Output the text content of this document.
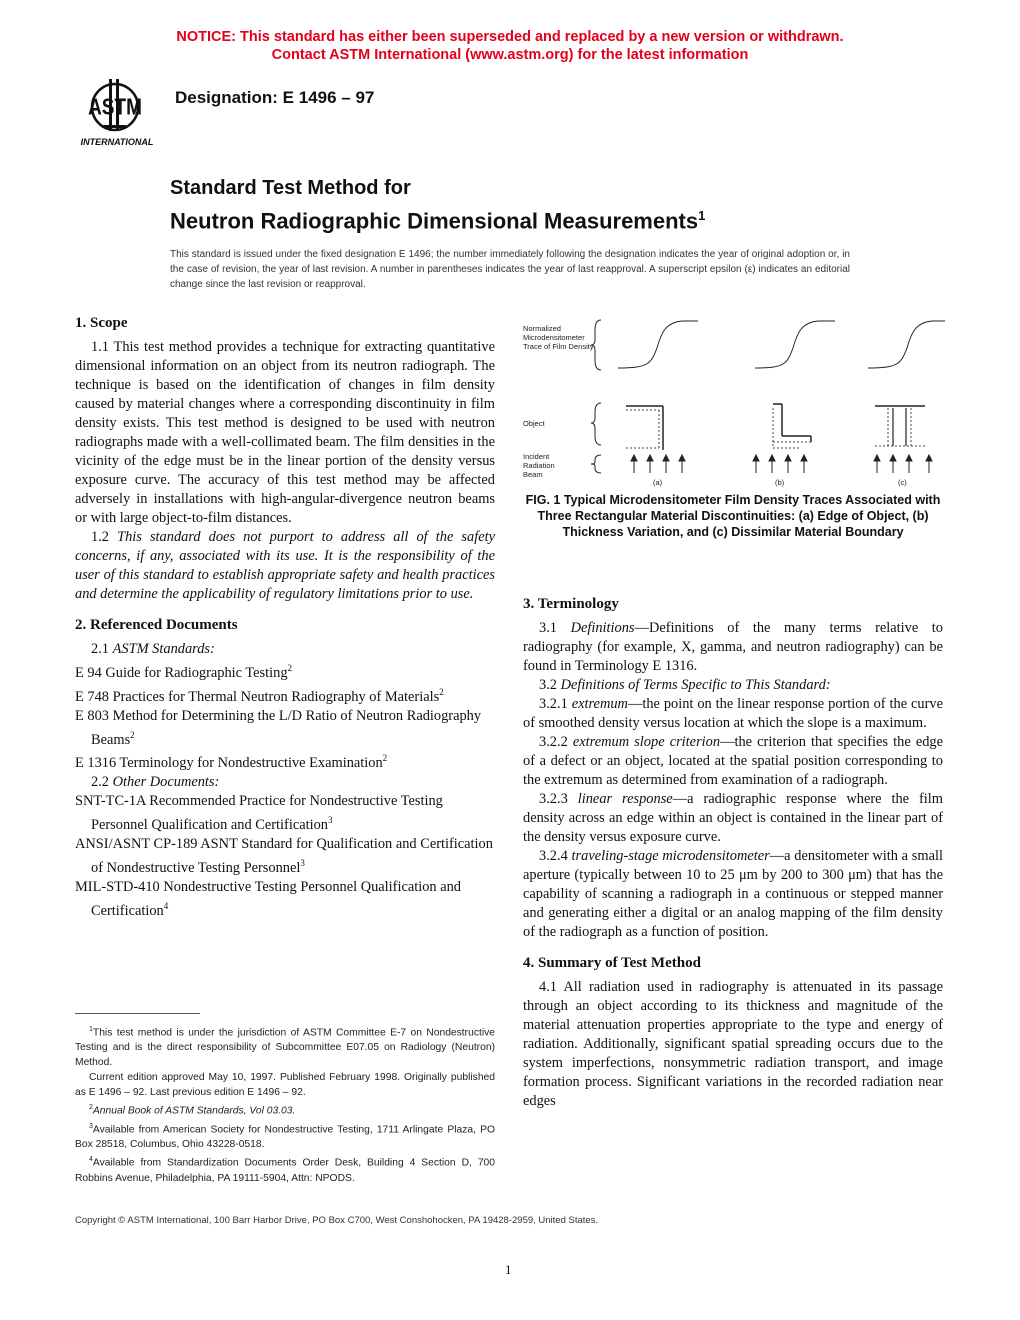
NOTICE: This standard has either been superseded and replaced by a new version or withdrawn.
Contact ASTM International (www.astm.org) for the latest information
ASTM
INTERNATIONAL
Designation: E 1496 – 97
Standard Test Method for
Neutron Radiographic Dimensional Measurements$^1$
This standard is issued under the fixed designation E 1496; the number immediately following the designation indicates the year of original adoption or, in the case of revision, the year of last revision. A number in parentheses indicates the year of last reapproval. A superscript epsilon (ε) indicates an editorial change since the last revision or reapproval.
1. Scope

1.1 This test method provides a technique for extracting quantitative dimensional information on an object from its neutron radiograph. The technique is based on the identification of changes in film density caused by material changes where a corresponding discontinuity in film density exists. This test method is designed to be used with neutron radiographs made with a well-collimated beam. The film densities in the vicinity of the edge must be in the linear portion of the density versus exposure curve. The accuracy of this test method may be affected adversely in installations with high-angular-divergence neutron beams or with large object-to-film distances.

1.2 This standard does not purport to address all of the safety concerns, if any, associated with its use. It is the responsibility of the user of this standard to establish appropriate safety and health practices and determine the applicability of regulatory limitations prior to use.

2. Referenced Documents

2.1 ASTM Standards:

E 94 Guide for Radiographic Testing$^2$

E 748 Practices for Thermal Neutron Radiography of Materials$^2$

E 803 Method for Determining the L/D Ratio of Neutron Radiography Beams$^2$

E 1316 Terminology for Nondestructive Examination$^2$

2.2 Other Documents:

SNT-TC-1A Recommended Practice for Nondestructive Testing Personnel Qualification and Certification$^3$

ANSI/ASNT CP-189 ASNT Standard for Qualification and Certification of Nondestructive Testing Personnel$^3$

MIL-STD-410 Nondestructive Testing Personnel Qualification and Certification$^4$

$^1$This test method is under the jurisdiction of ASTM Committee E-7 on Nondestructive Testing and is the direct responsibility of Subcommittee E07.05 on Radiology (Neutron) Method.

Current edition approved May 10, 1997. Published February 1998. Originally published as E 1496 – 92. Last previous edition E 1496 – 92.

$^2$Annual Book of ASTM Standards, Vol 03.03.

$^3$Available from American Society for Nondestructive Testing, 1711 Arlingate Plaza, PO Box 28518, Columbus, Ohio 43228-0518.

$^4$Available from Standardization Documents Order Desk, Building 4 Section D, 700 Robbins Avenue, Philadelphia, PA 19111-5904, Attn: NPODS.

Normalized Microdensitometer Trace of Film Density
Object
Incident Radiation Beam
(a)	(b)	(c)
FIG. 1 Typical Microdensitometer Film Density Traces Associated with Three Rectangular Material Discontinuities: (a) Edge of Object, (b) Thickness Variation, and (c) Dissimilar Material Boundary
3. Terminology

3.1 Definitions—Definitions of the many terms relative to radiography (for example, X, gamma, and neutron radiography) can be found in Terminology E 1316.

3.2 Definitions of Terms Specific to This Standard:

3.2.1 extremum—the point on the linear response portion of the curve of smoothed density versus location at which the slope is a maximum.

3.2.2 extremum slope criterion—the criterion that specifies the edge of a defect or an object, located at the spatial position corresponding to the extremum as determined from examination of a radiograph.

3.2.3 linear response—a radiographic response where the film density across an edge within an object is contained in the linear part of the density versus exposure curve.

3.2.4 traveling-stage microdensitometer—a densitometer with a small aperture (typically between 10 to 25 μm by 200 to 300 μm) that has the capability of scanning a radiograph in a continuous or stepped manner and generating either a digital or an analog mapping of the film density of the radiograph as a function of position.

4. Summary of Test Method

4.1 All radiation used in radiography is attenuated in its passage through an object according to its thickness and magnitude of the material attenuation properties appropriate to the type and energy of radiation. Additionally, significant spatial spreading occurs due to the system imperfections, nonsymmetric radiation transport, and image formation process. Significant variations in the recorded radiation near edges

Copyright © ASTM International, 100 Barr Harbor Drive, PO Box C700, West Conshohocken, PA 19428-2959, United States.
1
